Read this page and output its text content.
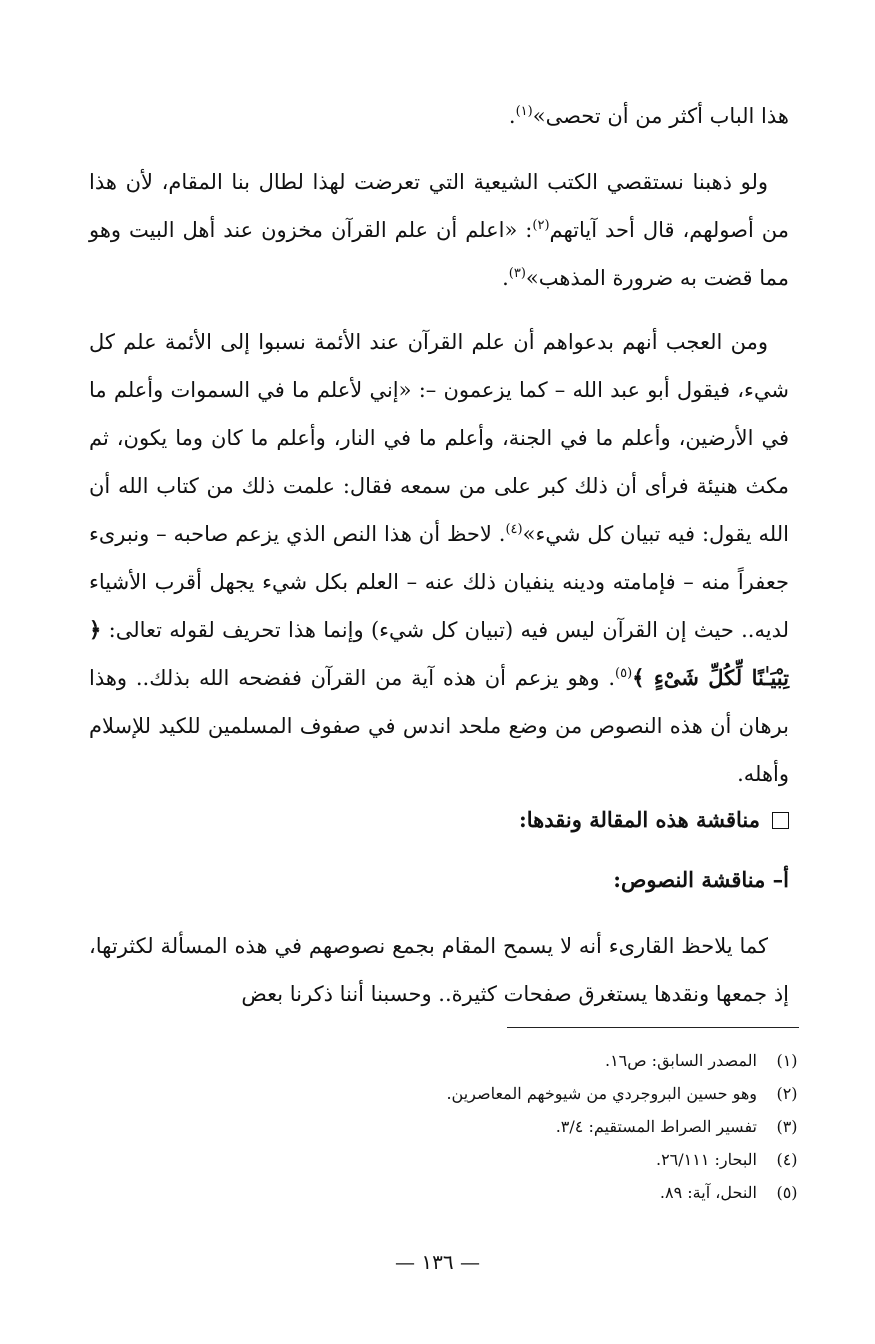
هذا الباب أكثر من أن تحصى»$^{(١)}$.

 ولو ذهبنا نستقصي الكتب الشيعية التي تعرضت لهذا لطال بنا المقام، لأن هذا من أصولهم، قال أحد آياتهم$^{(٢)}$: «اعلم أن علم القرآن مخزون عند أهل البيت وهو مما قضت به ضرورة المذهب»$^{(٣)}$.

 ومن العجب أنهم بدعواهم أن علم القرآن عند الأئمة نسبوا إلى الأئمة علم كل شيء، فيقول أبو عبد الله – كما يزعمون –: «إني لأعلم ما في السموات وأعلم ما في الأرضين، وأعلم ما في الجنة، وأعلم ما في النار، وأعلم ما كان وما يكون، ثم مكث هنيئة فرأى أن ذلك كبر على من سمعه فقال: علمت ذلك من كتاب الله أن الله يقول: فيه تبيان كل شيء»$^{(٤)}$. لاحظ أن هذا النص الذي يزعم صاحبه – ونبرىء جعفراً منه – فإمامته ودينه ينفيان ذلك عنه – العلم بكل شيء يجهل أقرب الأشياء لديه.. حيث إن القرآن ليس فيه (تبيان كل شيء) وإنما هذا تحريف لقوله تعالى: ﴿ تِبْيَـٰنًا لِّكُلِّ شَىْءٍ ﴾$^{(٥)}$. وهو يزعم أن هذه آية من القرآن ففضحه الله بذلك.. وهذا برهان أن هذه النصوص من وضع ملحد اندس في صفوف المسلمين للكيد للإسلام وأهله.

مناقشة هذه المقالة ونقدها:
أ– مناقشة النصوص:

 كما يلاحظ القارىء أنه لا يسمح المقام بجمع نصوصهم في هذه المسألة لكثرتها، إذ جمعها ونقدها يستغرق صفحات كثيرة.. وحسبنا أننا ذكرنا بعض

(١)
المصدر السابق: ص١٦.
(٢)
وهو حسين البروجردي من شيوخهم المعاصرين.
(٣)
تفسير الصراط المستقيم: ٣/٤.
(٤)
البحار: ٢٦/١١١.
(٥)
النحل، آية: ٨٩.
— ١٣٦ —
